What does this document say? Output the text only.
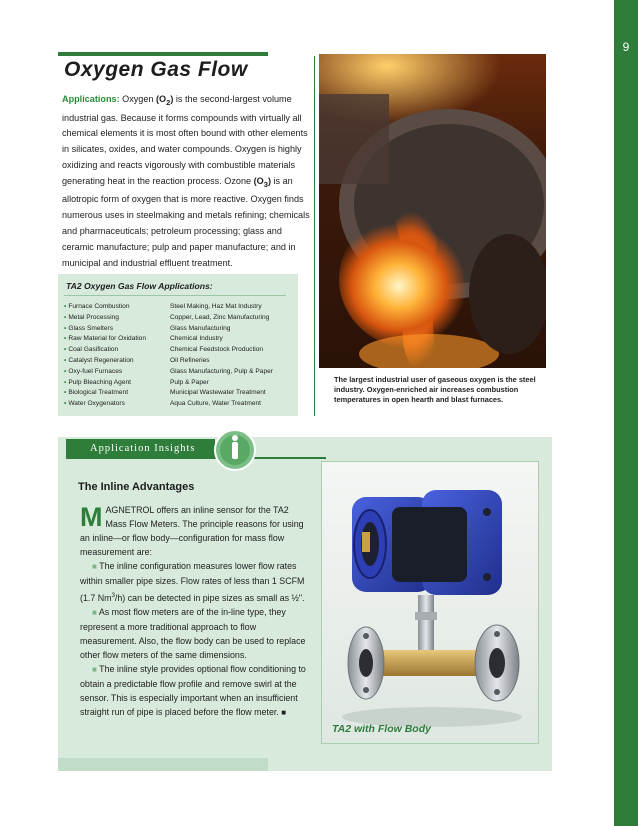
9
Oxygen Gas Flow
Applications: Oxygen $(O_2)$ is the second-largest volume industrial gas. Because it forms compounds with virtually all chemical elements it is most often bound with other elements in silicates, oxides, and water compounds. Oxygen is highly oxidizing and reacts vigorously with combustible materials generating heat in the reaction process. Ozone $(O_3)$ is an allotropic form of oxygen that is more reactive. Oxygen finds numerous uses in steelmaking and metals refining; chemicals and pharmaceuticals; petroleum processing; glass and ceramic manufacture; pulp and paper manufacture; and in municipal and industrial effluent treatment.
TA2 Oxygen Gas Flow Applications:
• Furnace Combustion
• Metal Processing
• Glass Smelters
• Raw Material for Oxidation
• Coal Gasification
• Catalyst Regeneration
• Oxy-fuel Furnaces
• Pulp Bleaching Agent
• Biological Treatment
• Water Oxygenators
Steel Making, Haz Mat Industry
Copper, Lead, Zinc Manufacturing
Glass Manufacturing
Chemical Industry
Chemical Feedstock Production
Oil Refineries
Glass Manufacturing, Pulp & Paper
Pulp & Paper
Municipal Wastewater Treatment
Aqua Culture, Water Treatment
The largest industrial user of gaseous oxygen is the steel industry. Oxygen-enriched air increases combustion temperatures in open hearth and blast furnaces.
Application Insights
The Inline Advantages
MAGNETROL offers an inline sensor for the TA2 Mass Flow Meters. The principle reasons for using an inline—or flow body—configuration for mass flow measurement are:
■ The inline configuration measures lower flow rates within smaller pipe sizes. Flow rates of less than 1 SCFM (1.7 Nm$^3$/h) can be detected in pipe sizes as small as ½".
■ As most flow meters are of the in-line type, they represent a more traditional approach to flow measurement. Also, the flow body can be used to replace other flow meters of the same dimensions.
■ The inline style provides optional flow conditioning to obtain a predictable flow profile and remove swirl at the sensor. This is especially important when an insufficient straight run of pipe is placed before the flow meter. ■
TA2 with Flow Body
